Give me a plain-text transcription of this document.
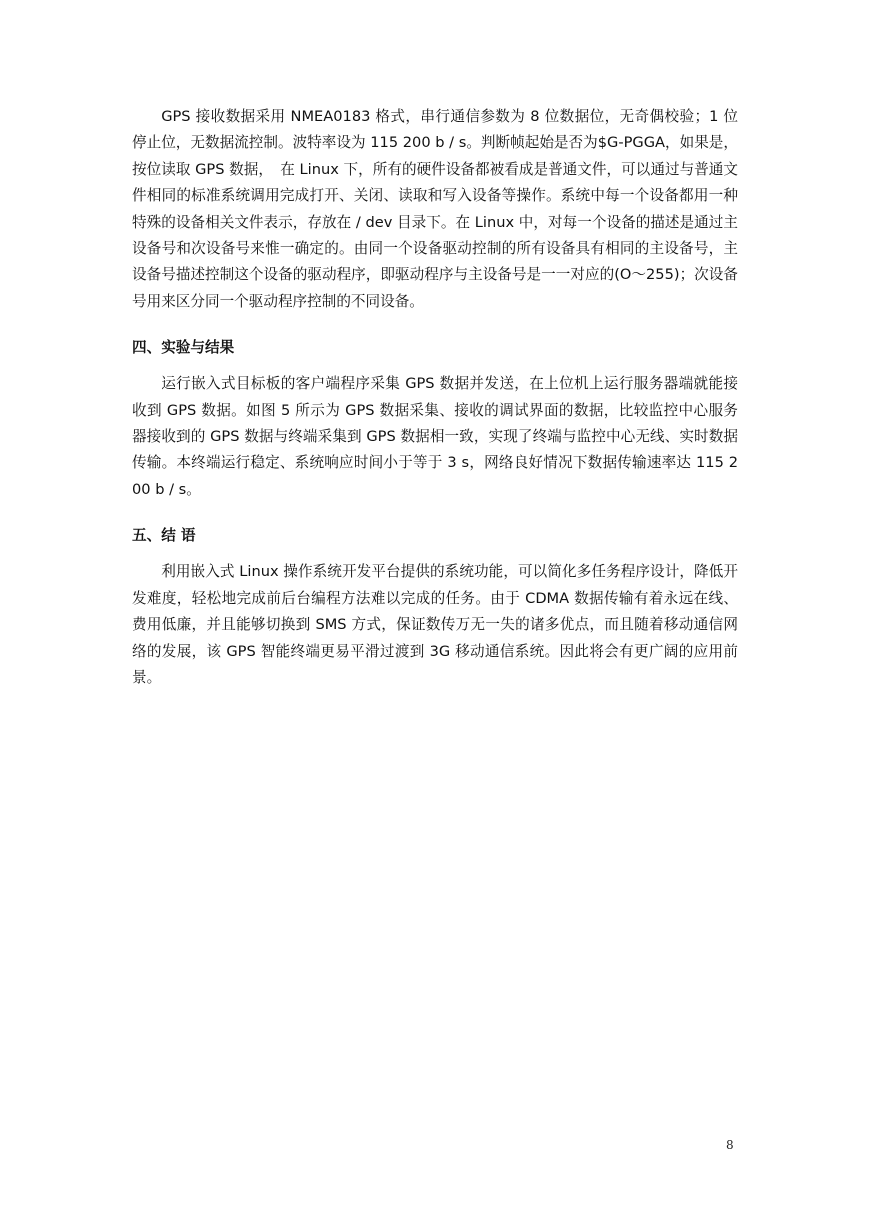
GPS 接收数据采用 NMEA0183 格式，串行通信参数为 8 位数据位，无奇偶校验；1 位停止位，无数据流控制。波特率设为 115 200 b / s。判断帧起始是否为$G-PGGA，如果是，按位读取 GPS 数据，　在 Linux 下，所有的硬件设备都被看成是普通文件，可以通过与普通文件相同的标准系统调用完成打开、关闭、读取和写入设备等操作。系统中每一个设备都用一种特殊的设备相关文件表示，存放在 / dev 目录下。在 Linux 中，对每一个设备的描述是通过主设备号和次设备号来惟一确定的。由同一个设备驱动控制的所有设备具有相同的主设备号，主设备号描述控制这个设备的驱动程序，即驱动程序与主设备号是一一对应的(O～255)；次设备号用来区分同一个驱动程序控制的不同设备。

四、实验与结果

运行嵌入式目标板的客户端程序采集 GPS 数据并发送，在上位机上运行服务器端就能接收到 GPS 数据。如图 5 所示为 GPS 数据采集、接收的调试界面的数据，比较监控中心服务器接收到的 GPS 数据与终端采集到 GPS 数据相一致，实现了终端与监控中心无线、实时数据传输。本终端运行稳定、系统响应时间小于等于 3 s，网络良好情况下数据传输速率达 115 200 b / s。

五、结 语

利用嵌入式 Linux 操作系统开发平台提供的系统功能，可以简化多任务程序设计，降低开发难度，轻松地完成前后台编程方法难以完成的任务。由于 CDMA 数据传输有着永远在线、费用低廉，并且能够切换到 SMS 方式，保证数传万无一失的诸多优点，而且随着移动通信网络的发展，该 GPS 智能终端更易平滑过渡到 3G 移动通信系统。因此将会有更广阔的应用前景。

8
